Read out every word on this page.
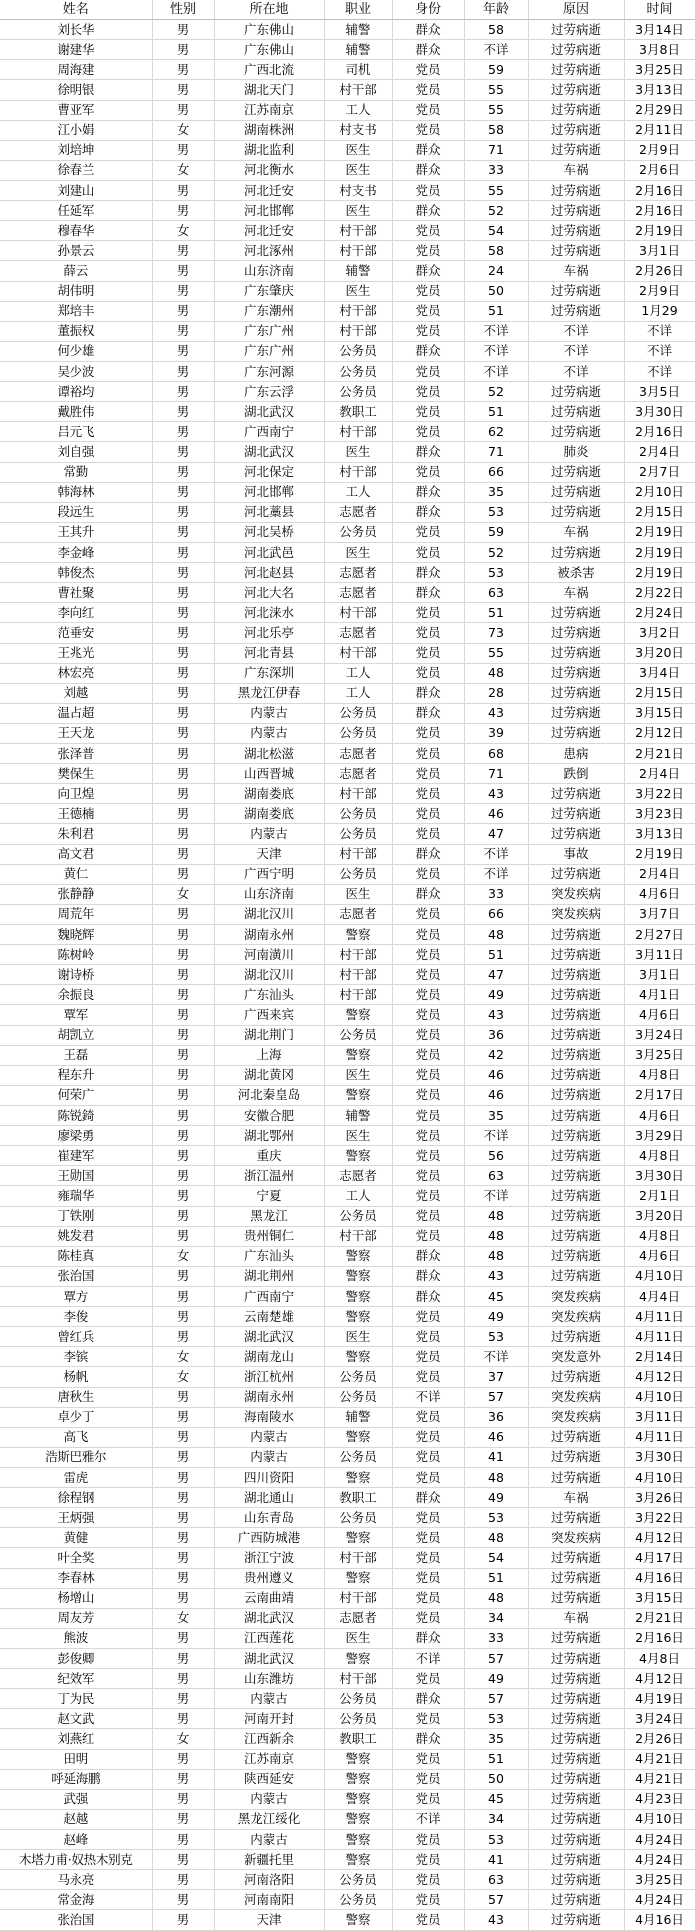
姓名	性别	所在地	职业	身份	年龄	原因	时间
刘长华	男	广东佛山	辅警	群众	58	过劳病逝	3月14日
谢建华	男	广东佛山	辅警	群众	不详	过劳病逝	3月8日
周海建	男	广西北流	司机	党员	59	过劳病逝	3月25日
徐明银	男	湖北天门	村干部	党员	55	过劳病逝	3月13日
曹亚军	男	江苏南京	工人	党员	55	过劳病逝	2月29日
江小娟	女	湖南株洲	村支书	党员	58	过劳病逝	2月11日
刘培坤	男	湖北监利	医生	群众	71	过劳病逝	2月9日
徐春兰	女	河北衡水	医生	群众	33	车祸	2月6日
刘建山	男	河北迁安	村支书	党员	55	过劳病逝	2月16日
任延军	男	河北邯郸	医生	群众	52	过劳病逝	2月16日
穆春华	女	河北迁安	村干部	党员	54	过劳病逝	2月19日
孙景云	男	河北涿州	村干部	党员	58	过劳病逝	3月1日
薛云	男	山东济南	辅警	群众	24	车祸	2月26日
胡伟明	男	广东肇庆	医生	党员	50	过劳病逝	2月9日
郑培丰	男	广东潮州	村干部	党员	51	过劳病逝	1月29
董振权	男	广东广州	村干部	党员	不详	不详	不详
何少雄	男	广东广州	公务员	群众	不详	不详	不详
吴少波	男	广东河源	公务员	党员	不详	不详	不详
谭裕均	男	广东云浮	公务员	党员	52	过劳病逝	3月5日
戴胜伟	男	湖北武汉	教职工	党员	51	过劳病逝	3月30日
吕元飞	男	广西南宁	村干部	党员	62	过劳病逝	2月16日
刘自强	男	湖北武汉	医生	群众	71	肺炎	2月4日
常勤	男	河北保定	村干部	党员	66	过劳病逝	2月7日
韩海林	男	河北邯郸	工人	群众	35	过劳病逝	2月10日
段远生	男	河北藁县	志愿者	群众	53	过劳病逝	2月15日
王其升	男	河北吴桥	公务员	党员	59	车祸	2月19日
李金峰	男	河北武邑	医生	党员	52	过劳病逝	2月19日
韩俊杰	男	河北赵县	志愿者	群众	53	被杀害	2月19日
曹社聚	男	河北大名	志愿者	群众	63	车祸	2月22日
李向红	男	河北涞水	村干部	党员	51	过劳病逝	2月24日
范垂安	男	河北乐亭	志愿者	党员	73	过劳病逝	3月2日
王兆光	男	河北青县	村干部	党员	55	过劳病逝	3月20日
林宏亮	男	广东深圳	工人	党员	48	过劳病逝	3月4日
刘越	男	黑龙江伊春	工人	群众	28	过劳病逝	2月15日
温占超	男	内蒙古	公务员	群众	43	过劳病逝	3月15日
王天龙	男	内蒙古	公务员	党员	39	过劳病逝	2月12日
张泽普	男	湖北松滋	志愿者	党员	68	患病	2月21日
樊保生	男	山西晋城	志愿者	党员	71	跌倒	2月4日
向卫煌	男	湖南娄底	村干部	党员	43	过劳病逝	3月22日
王德楠	男	湖南娄底	公务员	党员	46	过劳病逝	3月23日
朱利君	男	内蒙古	公务员	党员	47	过劳病逝	3月13日
高文君	男	天津	村干部	群众	不详	事故	2月19日
黄仁	男	广西宁明	公务员	党员	不详	过劳病逝	2月4日
张静静	女	山东济南	医生	群众	33	突发疾病	4月6日
周荒年	男	湖北汉川	志愿者	党员	66	突发疾病	3月7日
魏晓辉	男	湖南永州	警察	党员	48	过劳病逝	2月27日
陈树岭	男	河南潢川	村干部	党员	51	过劳病逝	3月11日
谢诗桥	男	湖北汉川	村干部	党员	47	过劳病逝	3月1日
余振良	男	广东汕头	村干部	党员	49	过劳病逝	4月1日
覃军	男	广西来宾	警察	党员	43	过劳病逝	4月6日
胡凯立	男	湖北荆门	公务员	党员	36	过劳病逝	3月24日
王磊	男	上海	警察	党员	42	过劳病逝	3月25日
程东升	男	湖北黄冈	医生	党员	46	过劳病逝	4月8日
何荣广	男	河北秦皇岛	警察	党员	46	过劳病逝	2月17日
陈锐錡	男	安徽合肥	辅警	党员	35	过劳病逝	4月6日
廖梁勇	男	湖北鄂州	医生	党员	不详	过劳病逝	3月29日
崔建军	男	重庆	警察	党员	56	过劳病逝	4月8日
王勋国	男	浙江温州	志愿者	党员	63	过劳病逝	3月30日
雍瑞华	男	宁夏	工人	党员	不详	过劳病逝	2月1日
丁铁刚	男	黑龙江	公务员	党员	48	过劳病逝	3月20日
姚发君	男	贵州铜仁	村干部	党员	48	过劳病逝	4月8日
陈桂真	女	广东汕头	警察	群众	48	过劳病逝	4月6日
张治国	男	湖北荆州	警察	群众	43	过劳病逝	4月10日
覃方	男	广西南宁	警察	群众	45	突发疾病	4月4日
李俊	男	云南楚雄	警察	党员	49	突发疾病	4月11日
曾红兵	男	湖北武汉	医生	党员	53	过劳病逝	4月11日
李镔	女	湖南龙山	警察	党员	不详	突发意外	2月14日
杨帆	女	浙江杭州	公务员	党员	37	过劳病逝	4月12日
唐秋生	男	湖南永州	公务员	不详	57	突发疾病	4月10日
卓少丁	男	海南陵水	辅警	党员	36	突发疾病	3月11日
高飞	男	内蒙古	警察	党员	46	过劳病逝	4月11日
浩斯巴雅尔	男	内蒙古	公务员	党员	41	过劳病逝	3月30日
雷虎	男	四川资阳	警察	党员	48	过劳病逝	4月10日
徐程钢	男	湖北通山	教职工	群众	49	车祸	3月26日
王炳强	男	山东青岛	公务员	党员	53	过劳病逝	3月22日
黄健	男	广西防城港	警察	党员	48	突发疾病	4月12日
叶全奖	男	浙江宁波	村干部	党员	54	过劳病逝	4月17日
李春林	男	贵州遵义	警察	党员	51	过劳病逝	4月16日
杨增山	男	云南曲靖	村干部	党员	48	过劳病逝	3月15日
周友芳	女	湖北武汉	志愿者	党员	34	车祸	2月21日
熊波	男	江西莲花	医生	群众	33	过劳病逝	2月16日
彭俊卿	男	湖北武汉	警察	不详	57	过劳病逝	4月8日
纪效军	男	山东潍坊	村干部	党员	49	过劳病逝	4月12日
丁为民	男	内蒙古	公务员	群众	57	过劳病逝	4月19日
赵文武	男	河南开封	公务员	党员	53	过劳病逝	3月24日
刘燕红	女	江西新余	教职工	群众	35	过劳病逝	2月26日
田明	男	江苏南京	警察	党员	51	过劳病逝	4月21日
呼延海鹏	男	陕西延安	警察	党员	50	过劳病逝	4月21日
武强	男	内蒙古	警察	党员	45	过劳病逝	4月23日
赵越	男	黑龙江绥化	警察	不详	34	过劳病逝	4月10日
赵峰	男	内蒙古	警察	党员	53	过劳病逝	4月24日
木塔力甫·奴热木别克	男	新疆托里	警察	党员	41	过劳病逝	4月24日
马永亮	男	河南洛阳	公务员	党员	63	过劳病逝	3月25日
常金海	男	河南南阳	公务员	党员	57	过劳病逝	4月24日
张治国	男	天津	警察	党员	43	过劳病逝	4月16日
